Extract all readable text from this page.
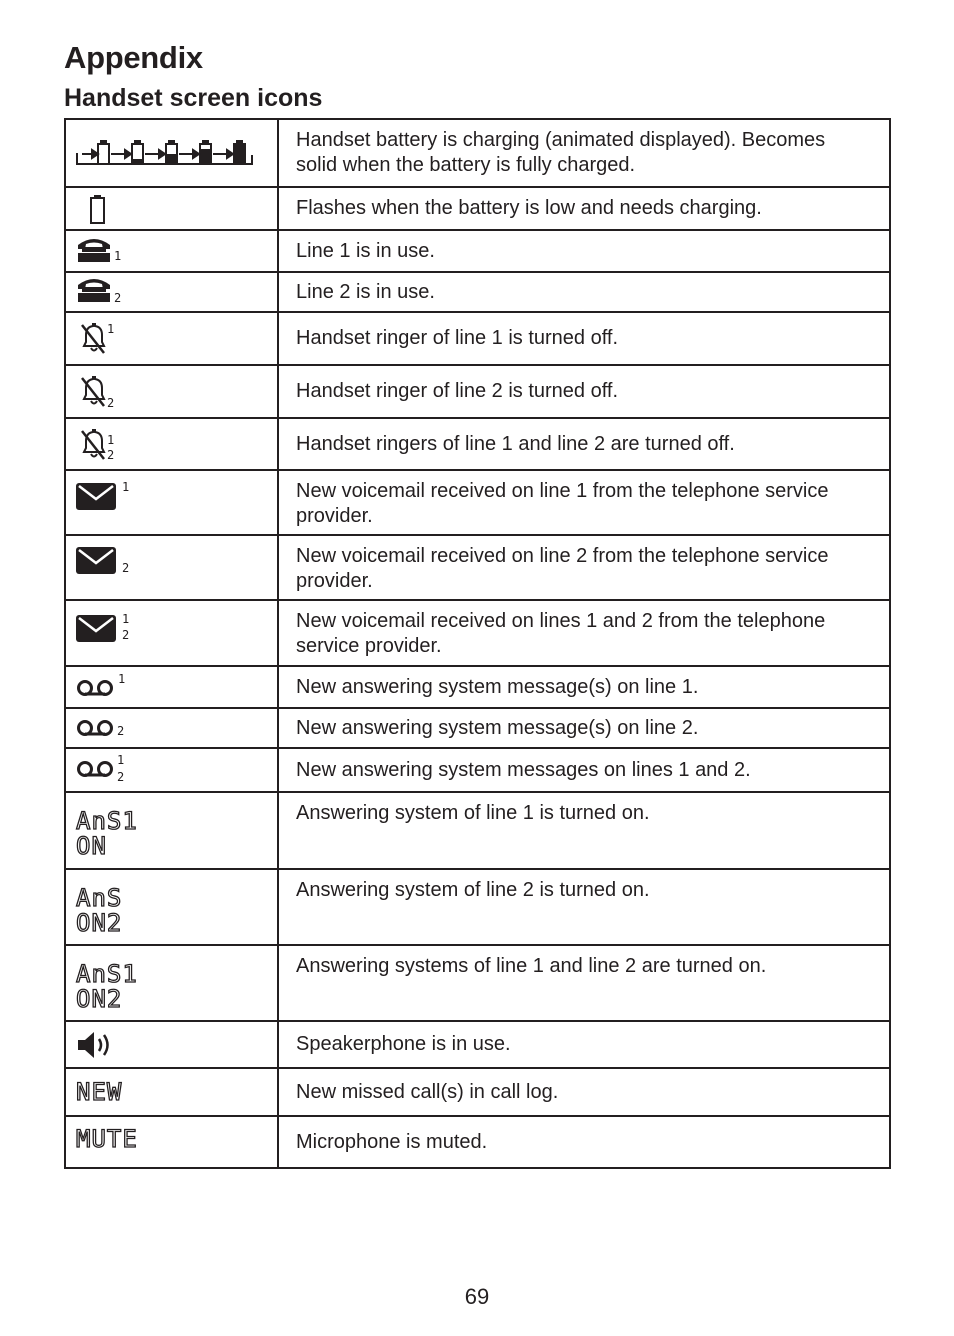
Appendix
Handset screen icons
	Handset battery is charging (animated displayed). Becomes solid when the battery is fully charged.

	Flashes when the battery is low and needs charging.

1	Line 1 is in use.

2	Line 2 is in use.

1	Handset ringer of line 1 is turned off.

2	Handset ringer of line 2 is turned off.

1
2	Handset ringers of line 1 and line 2 are turned off.

1	New voicemail received on line 1 from the telephone service provider.

2	New voicemail received on line 2 from the telephone service provider.

1
2	New voicemail received on lines 1 and 2 from the telephone service provider.

1	New answering system message(s) on line 1.

2	New answering system message(s) on line 2.

1
2	New answering system messages on lines 1 and 2.

AnS1
ON	Answering system of line 1 is turned on.

AnS
ON2	Answering system of line 2 is turned on.

AnS1
ON2	Answering systems of line 1 and line 2 are turned on.

	Speakerphone is in use.

NEW	New missed call(s) in call log.

MUTE	Microphone is muted.
69
